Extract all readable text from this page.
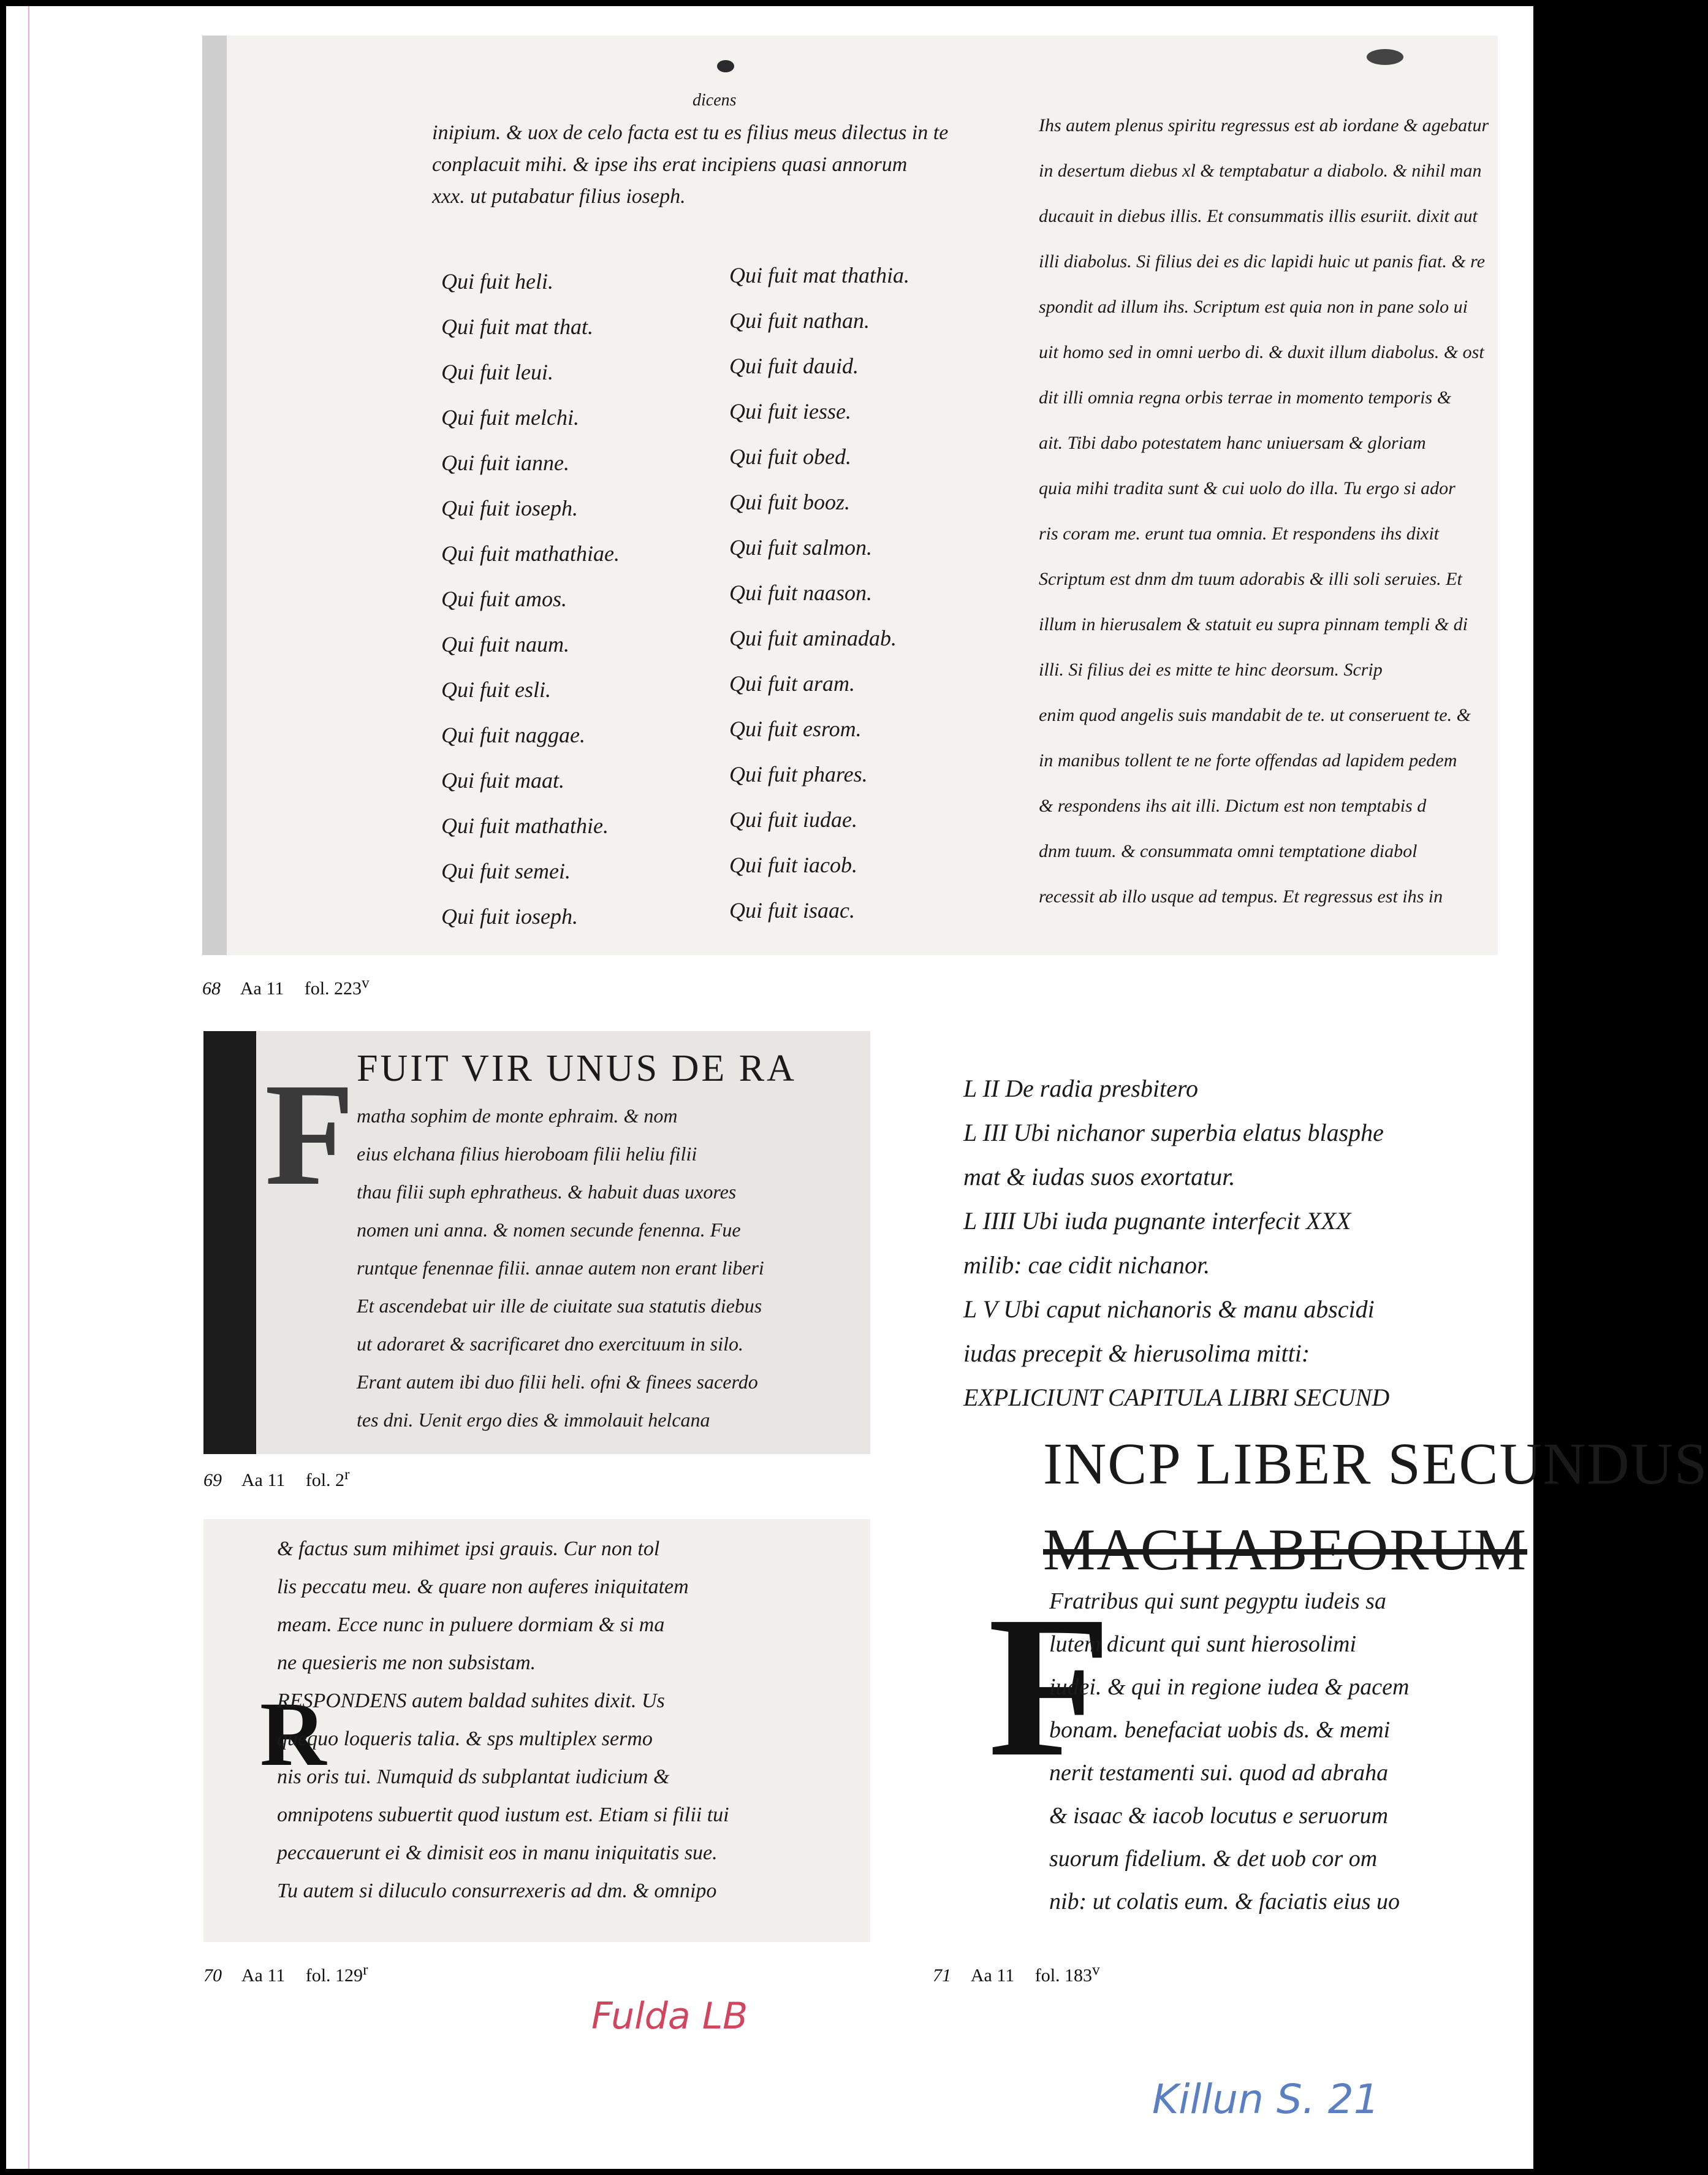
dicens
inipium. & uox de celo facta est tu es filius meus dilectus in te
conplacuit mihi. & ipse ihs erat incipiens quasi annorum
xxx. ut putabatur filius ioseph.
Qui fuit heli.
Qui fuit mat that.
Qui fuit leui.
Qui fuit melchi.
Qui fuit ianne.
Qui fuit ioseph.
Qui fuit mathathiae.
Qui fuit amos.
Qui fuit naum.
Qui fuit esli.
Qui fuit naggae.
Qui fuit maat.
Qui fuit mathathie.
Qui fuit semei.
Qui fuit ioseph.
Qui fuit mat thathia.
Qui fuit nathan.
Qui fuit dauid.
Qui fuit iesse.
Qui fuit obed.
Qui fuit booz.
Qui fuit salmon.
Qui fuit naason.
Qui fuit aminadab.
Qui fuit aram.
Qui fuit esrom.
Qui fuit phares.
Qui fuit iudae.
Qui fuit iacob.
Qui fuit isaac.
Ihs autem plenus spiritu regressus est ab iordane & agebatur
in desertum diebus xl & temptabatur a diabolo. & nihil man
ducauit in diebus illis. Et consummatis illis esuriit. dixit aut
illi diabolus. Si filius dei es dic lapidi huic ut panis fiat. & re
spondit ad illum ihs. Scriptum est quia non in pane solo ui
uit homo sed in omni uerbo di. & duxit illum diabolus. & ost
dit illi omnia regna orbis terrae in momento temporis &
ait. Tibi dabo potestatem hanc uniuersam & gloriam
quia mihi tradita sunt & cui uolo do illa. Tu ergo si ador
ris coram me. erunt tua omnia. Et respondens ihs dixit
Scriptum est dnm dm tuum adorabis & illi soli seruies. Et
illum in hierusalem & statuit eu supra pinnam templi & di
illi. Si filius dei es mitte te hinc deorsum. Scrip
enim quod angelis suis mandabit de te. ut conseruent te. &
in manibus tollent te ne forte offendas ad lapidem pedem
& respondens ihs ait illi. Dictum est non temptabis d
dnm tuum. & consummata omni temptatione diabol
recessit ab illo usque ad tempus. Et regressus est ihs in
68 Aa 11 fol. 223$^v$
F FUIT VIR UNUS DE RA
matha sophim de monte ephraim. & nom
eius elchana filius hieroboam filii heliu filii
thau filii suph ephratheus. & habuit duas uxores
nomen uni anna. & nomen secunde fenenna. Fue
runtque fenennae filii. annae autem non erant liberi
Et ascendebat uir ille de ciuitate sua statutis diebus
ut adoraret & sacrificaret dno exercituum in silo.
Erant autem ibi duo filii heli. ofni & finees sacerdo
tes dni. Uenit ergo dies & immolauit helcana
69 Aa 11 fol. 2$^r$
R
& factus sum mihimet ipsi grauis. Cur non tol
lis peccatu meu. & quare non auferes iniquitatem
meam. Ecce nunc in puluere dormiam & si ma
ne quesieris me non subsistam.
RESPONDENS autem baldad suhites dixit. Us
quequo loqueris talia. & sps multiplex sermo
nis oris tui. Numquid ds subplantat iudicium &
omnipotens subuertit quod iustum est. Etiam si filii tui
peccauerunt ei & dimisit eos in manu iniquitatis sue.
Tu autem si diluculo consurrexeris ad dm. & omnipo
70 Aa 11 fol. 129$^r$
L II De radia presbitero
L III Ubi nichanor superbia elatus blasphe
mat & iudas suos exortatur.
L IIII Ubi iuda pugnante interfecit XXX
milib: cae cidit nichanor.
L V Ubi caput nichanoris & manu abscidi
iudas precepit & hierusolima mitti:
EXPLICIUNT CAPITULA LIBRI SECUND
INCP LIBER SECUNDUS
MACHABEORUM
F
Fratribus qui sunt pegyptu iudeis sa
lutem dicunt qui sunt hierosolimi
iudei. & qui in regione iudea & pacem
bonam. benefaciat uobis ds. & memi
nerit testamenti sui. quod ad abraha
& isaac & iacob locutus e seruorum
suorum fidelium. & det uob cor om
nib: ut colatis eum. & faciatis eius uo
71 Aa 11 fol. 183$^v$
Fulda LB
Killun S. 21
